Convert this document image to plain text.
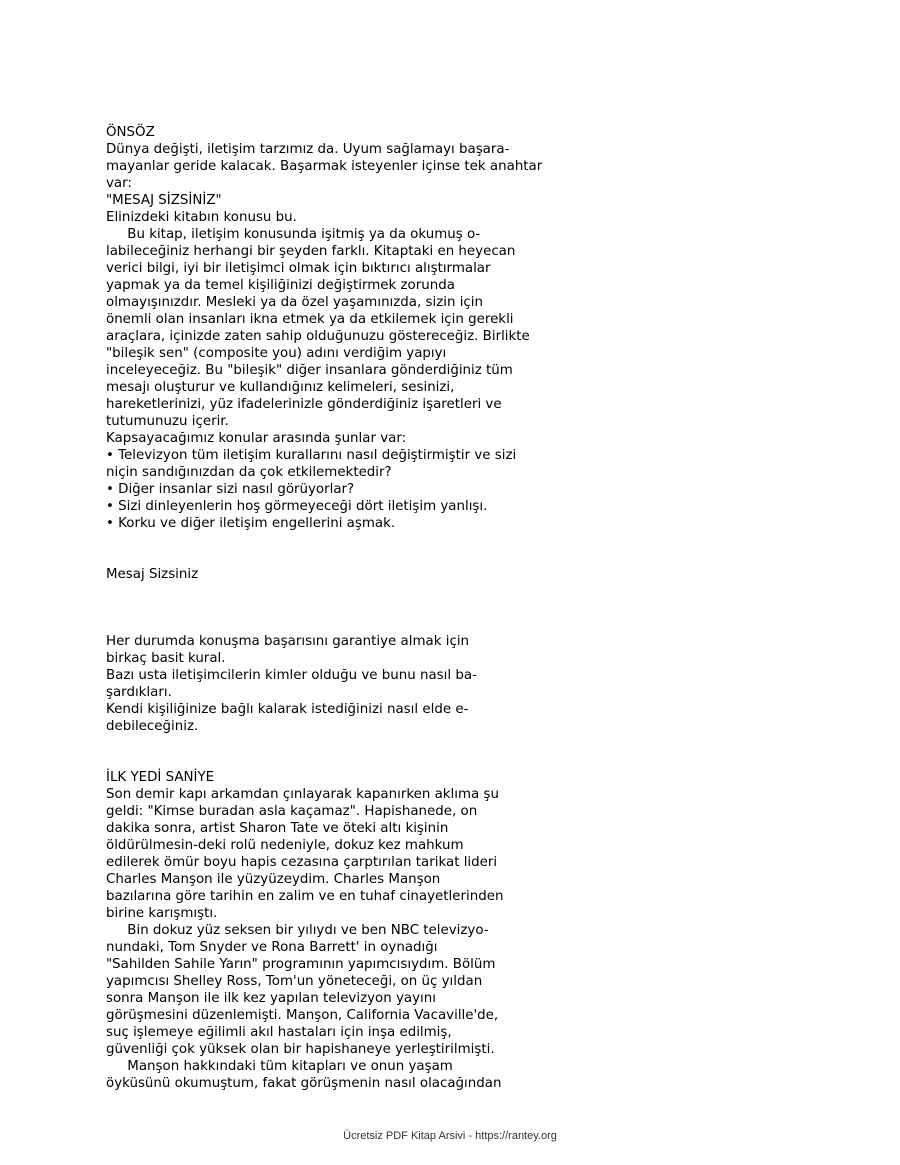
ÖNSÖZ

Dünya değişti, iletişim tarzımız da. Uyum sağlamayı başara-

mayanlar geride kalacak. Başarmak isteyenler içinse tek anahtar

var:

"MESAJ SİZSİNİZ"

Elinizdeki kitabın konusu bu.

Bu kitap, iletişim konusunda işitmiş ya da okumuş o-

labileceğiniz herhangi bir şeyden farklı. Kitaptaki en heyecan

verici bilgi, iyi bir iletişimci olmak için bıktırıcı alıştırmalar

yapmak ya da temel kişiliğinizi değiştirmek zorunda

olmayışınızdır. Mesleki ya da özel yaşamınızda, sizin için

önemli olan insanları ikna etmek ya da etkilemek için gerekli

araçlara, içinizde zaten sahip olduğunuzu göstereceğiz. Birlikte

"bileşik sen" (composite you) adını verdiğim yapıyı

inceleyeceğiz. Bu "bileşik" diğer insanlara gönderdiğiniz tüm

mesajı oluşturur ve kullandığınız kelimeleri, sesinizi,

hareketlerinizi, yüz ifadelerinizle gönderdiğiniz işaretleri ve

tutumunuzu içerir.

Kapsayacağımız konular arasında şunlar var:

• Televizyon tüm iletişim kurallarını nasıl değiştirmiştir ve sizi

niçin sandığınızdan da çok etkilemektedir?

• Diğer insanlar sizi nasıl görüyorlar?

• Sizi dinleyenlerin hoş görmeyeceği dört iletişim yanlışı.

• Korku ve diğer iletişim engellerini aşmak.

Mesaj Sizsiniz

Her durumda konuşma başarısını garantiye almak için

birkaç basit kural.

Bazı usta iletişimcilerin kimler olduğu ve bunu nasıl ba-

şardıkları.

Kendi kişiliğinize bağlı kalarak istediğinizi nasıl elde e-

debileceğiniz.

İLK YEDİ SANİYE

Son demir kapı arkamdan çınlayarak kapanırken aklıma şu

geldi: "Kimse buradan asla kaçamaz". Hapishanede, on

dakika sonra, artist Sharon Tate ve öteki altı kişinin

öldürülmesin-deki rolü nedeniyle, dokuz kez mahkum

edilerek ömür boyu hapis cezasına çarptırılan tarikat lideri

Charles Manşon ile yüzyüzeydim. Charles Manşon

bazılarına göre tarihin en zalim ve en tuhaf cinayetlerinden

birine karışmıştı.

Bin dokuz yüz seksen bir yılıydı ve ben NBC televizyo-

nundaki, Tom Snyder ve Rona Barrett' in oynadığı

"Sahilden Sahile Yarın" programının yapımcısıydım. Bölüm

yapımcısı Shelley Ross, Tom'un yöneteceği, on üç yıldan

sonra Manşon ile ilk kez yapılan televizyon yayını

görüşmesini düzenlemişti. Manşon, California Vacaville'de,

suç işlemeye eğilimli akıl hastaları için inşa edilmiş,

güvenliği çok yüksek olan bir hapishaneye yerleştirilmişti.

Manşon hakkındaki tüm kitapları ve onun yaşam

öyküsünü okumuştum, fakat görüşmenin nasıl olacağından

Ücretsiz PDF Kitap Arsivi - https://rantey.org
